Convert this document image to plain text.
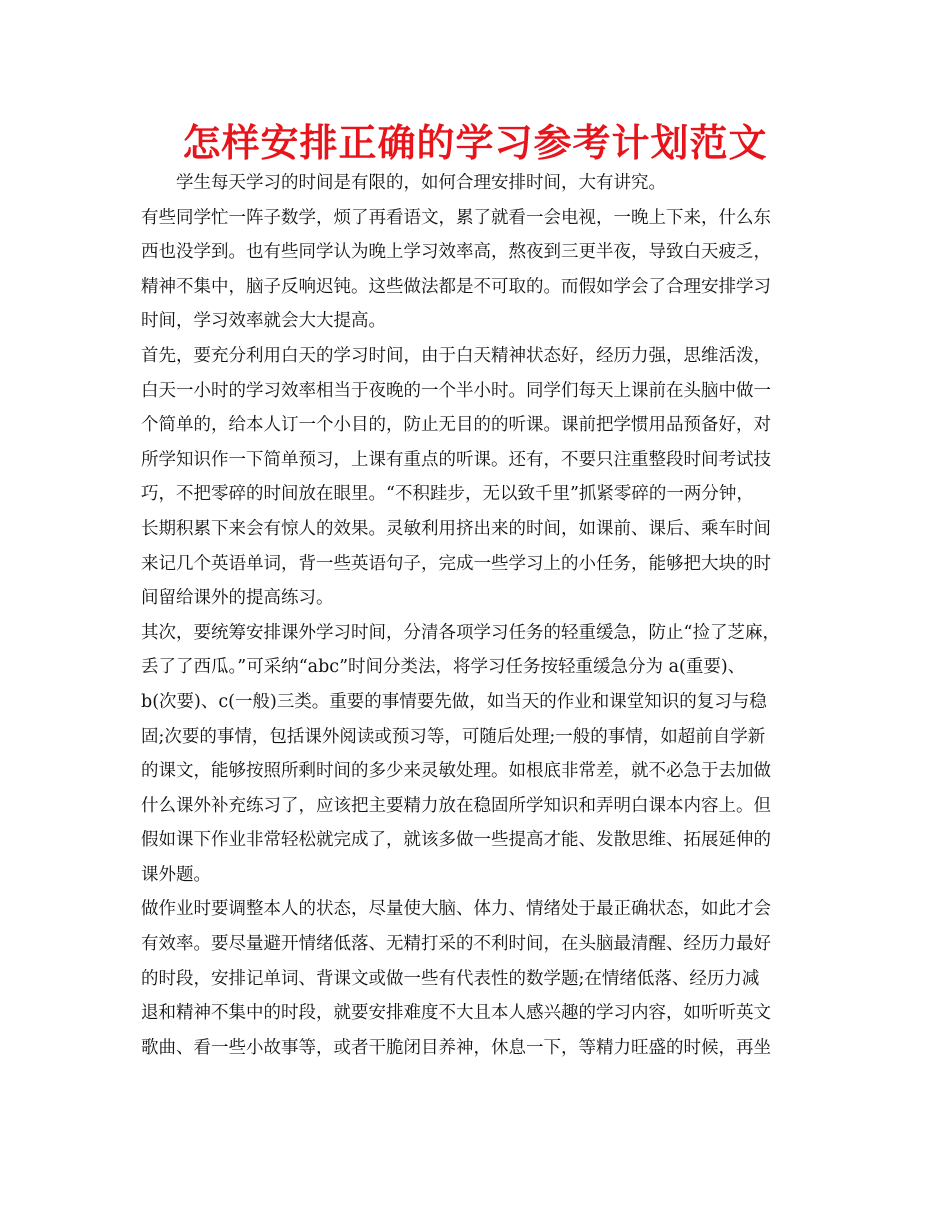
怎样安排正确的学习参考计划范文

学生每天学习的时间是有限的，如何合理安排时间，大有讲究。

有些同学忙一阵子数学，烦了再看语文，累了就看一会电视，一晚上下来，什么东

西也没学到。也有些同学认为晚上学习效率高，熬夜到三更半夜，导致白天疲乏，

精神不集中，脑子反响迟钝。这些做法都是不可取的。而假如学会了合理安排学习

时间，学习效率就会大大提高。

首先，要充分利用白天的学习时间，由于白天精神状态好，经历力强，思维活泼，

白天一小时的学习效率相当于夜晚的一个半小时。同学们每天上课前在头脑中做一

个简单的，给本人订一个小目的，防止无目的的听课。课前把学惯用品预备好，对

所学知识作一下简单预习，上课有重点的听课。还有，不要只注重整段时间考试技

巧，不把零碎的时间放在眼里。“不积跬步，无以致千里”抓紧零碎的一两分钟，

长期积累下来会有惊人的效果。灵敏利用挤出来的时间，如课前、课后、乘车时间

来记几个英语单词，背一些英语句子，完成一些学习上的小任务，能够把大块的时

间留给课外的提高练习。

其次，要统筹安排课外学习时间，分清各项学习任务的轻重缓急，防止“捡了芝麻，

丢了了西瓜。”可采纳“abc”时间分类法，将学习任务按轻重缓急分为 a(重要)、

b(次要)、c(一般)三类。重要的事情要先做，如当天的作业和课堂知识的复习与稳

固;次要的事情，包括课外阅读或预习等，可随后处理;一般的事情，如超前自学新

的课文，能够按照所剩时间的多少来灵敏处理。如根底非常差，就不必急于去加做

什么课外补充练习了，应该把主要精力放在稳固所学知识和弄明白课本内容上。但

假如课下作业非常轻松就完成了，就该多做一些提高才能、发散思维、拓展延伸的

课外题。

做作业时要调整本人的状态，尽量使大脑、体力、情绪处于最正确状态，如此才会

有效率。要尽量避开情绪低落、无精打采的不利时间，在头脑最清醒、经历力最好

的时段，安排记单词、背课文或做一些有代表性的数学题;在情绪低落、经历力减

退和精神不集中的时段，就要安排难度不大且本人感兴趣的学习内容，如听听英文

歌曲、看一些小故事等，或者干脆闭目养神，休息一下，等精力旺盛的时候，再坐
